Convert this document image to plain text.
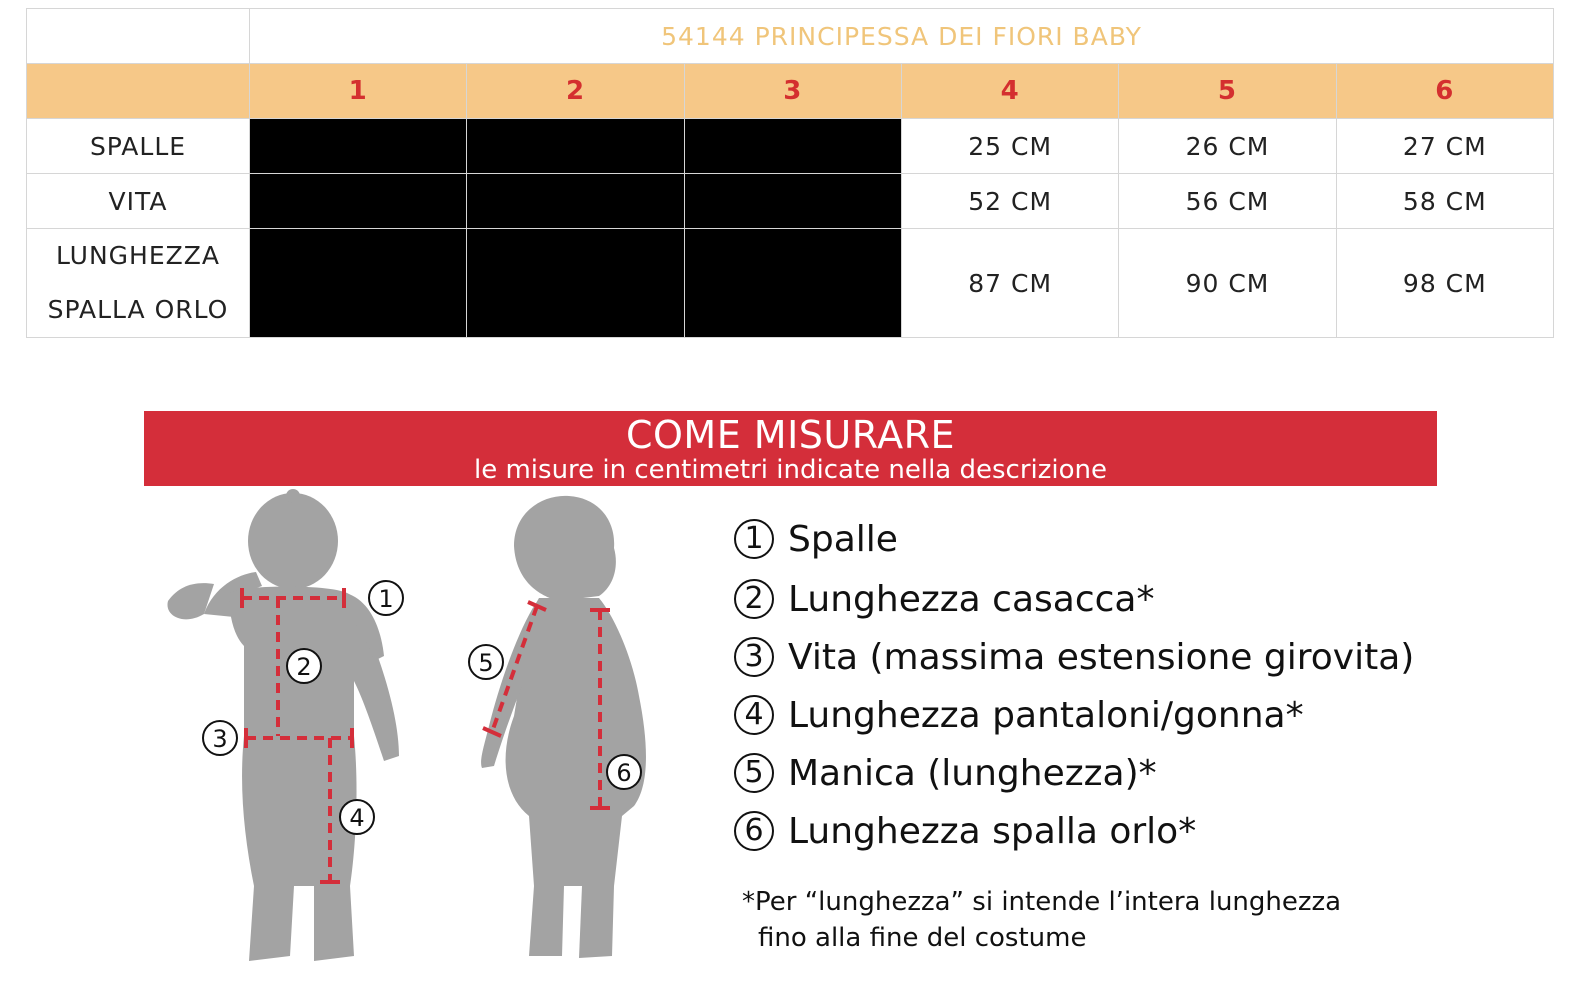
	54144 PRINCIPESSA DEI FIORI BABY					
	1	2	3	4	5	6
SPALLE				25 CM	26 CM	27 CM
VITA				52 CM	56 CM	58 CM

LUNGHEZZA
SPALLA ORLO				87 CM	90 CM	98 CM
COME MISURARE
le misure in centimetri indicate nella descrizione
1
2
3
4
5
6
1 Spalle
2 Lunghezza casacca*
3 Vita (massima estensione girovita)
4 Lunghezza pantaloni/gonna*
5 Manica (lunghezza)*
6 Lunghezza spalla orlo*
*Per “lunghezza” si intende l’intera lunghezza
fino alla fine del costume
